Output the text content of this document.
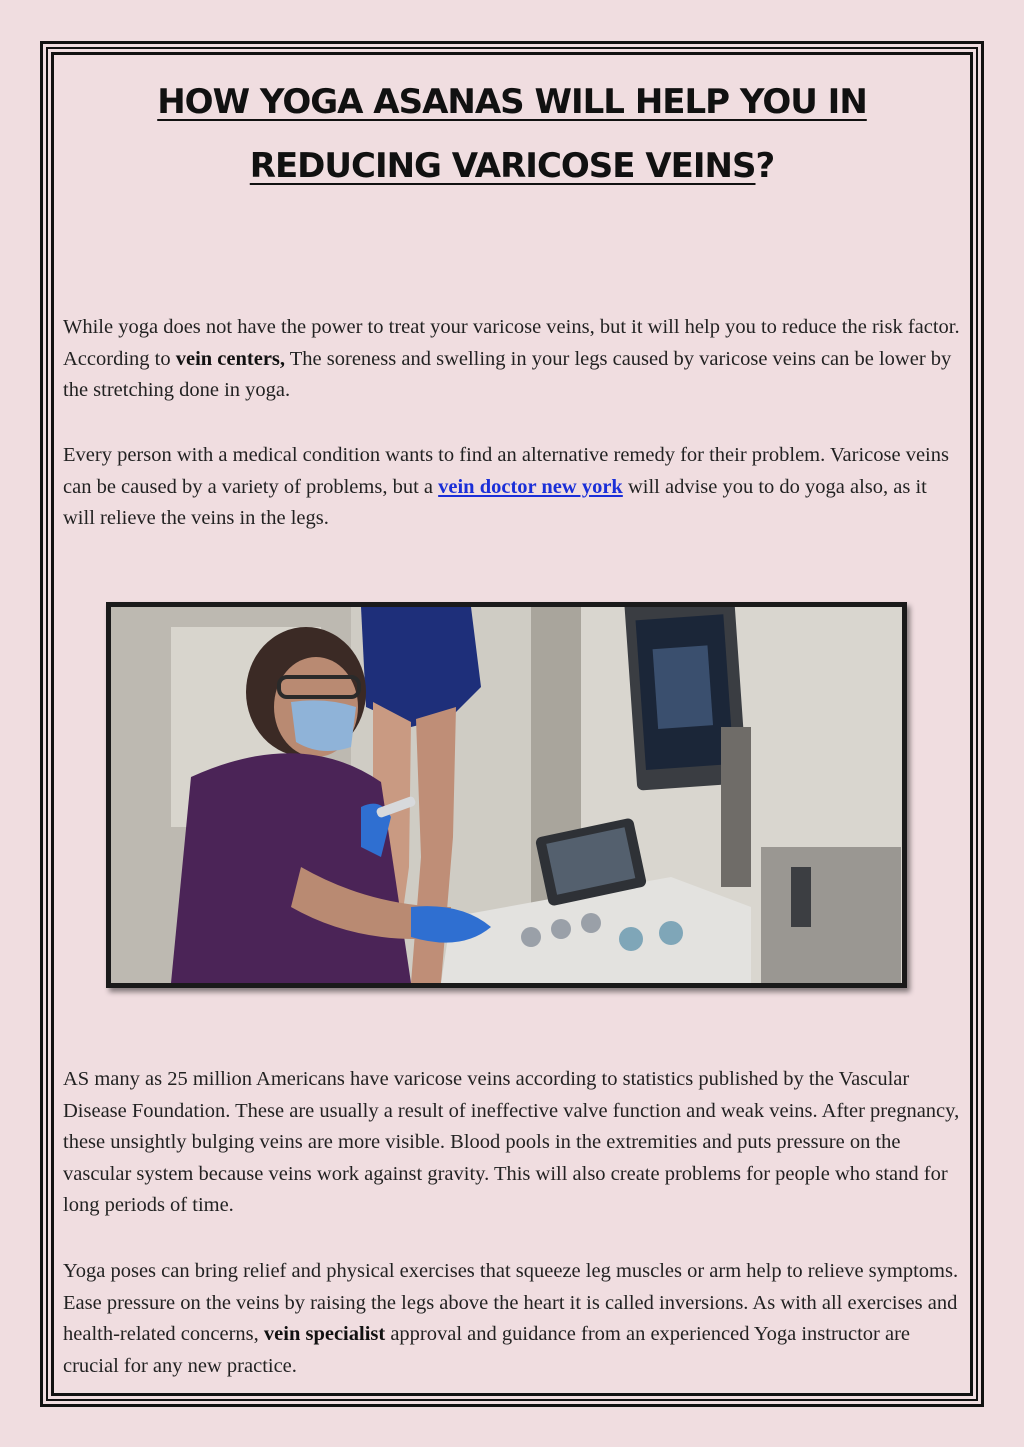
HOW YOGA ASANAS WILL HELP YOU IN
REDUCING VARICOSE VEINS?

While yoga does not have the power to treat your varicose veins, but it will help you to reduce the risk factor. According to vein centers, The soreness and swelling in your legs caused by varicose veins can be lower by the stretching done in yoga.

Every person with a medical condition wants to find an alternative remedy for their problem. Varicose veins can be caused by a variety of problems, but a vein doctor new york will advise you to do yoga also, as it will relieve the veins in the legs.

AS many as 25 million Americans have varicose veins according to statistics published by the Vascular Disease Foundation. These are usually a result of ineffective valve function and weak veins. After pregnancy, these unsightly bulging veins are more visible. Blood pools in the extremities and puts pressure on the vascular system because veins work against gravity. This will also create problems for people who stand for long periods of time.

Yoga poses can bring relief and physical exercises that squeeze leg muscles or arm help to relieve symptoms. Ease pressure on the veins by raising the legs above the heart it is called inversions. As with all exercises and health-related concerns, vein specialist approval and guidance from an experienced Yoga instructor are crucial for any new practice.
